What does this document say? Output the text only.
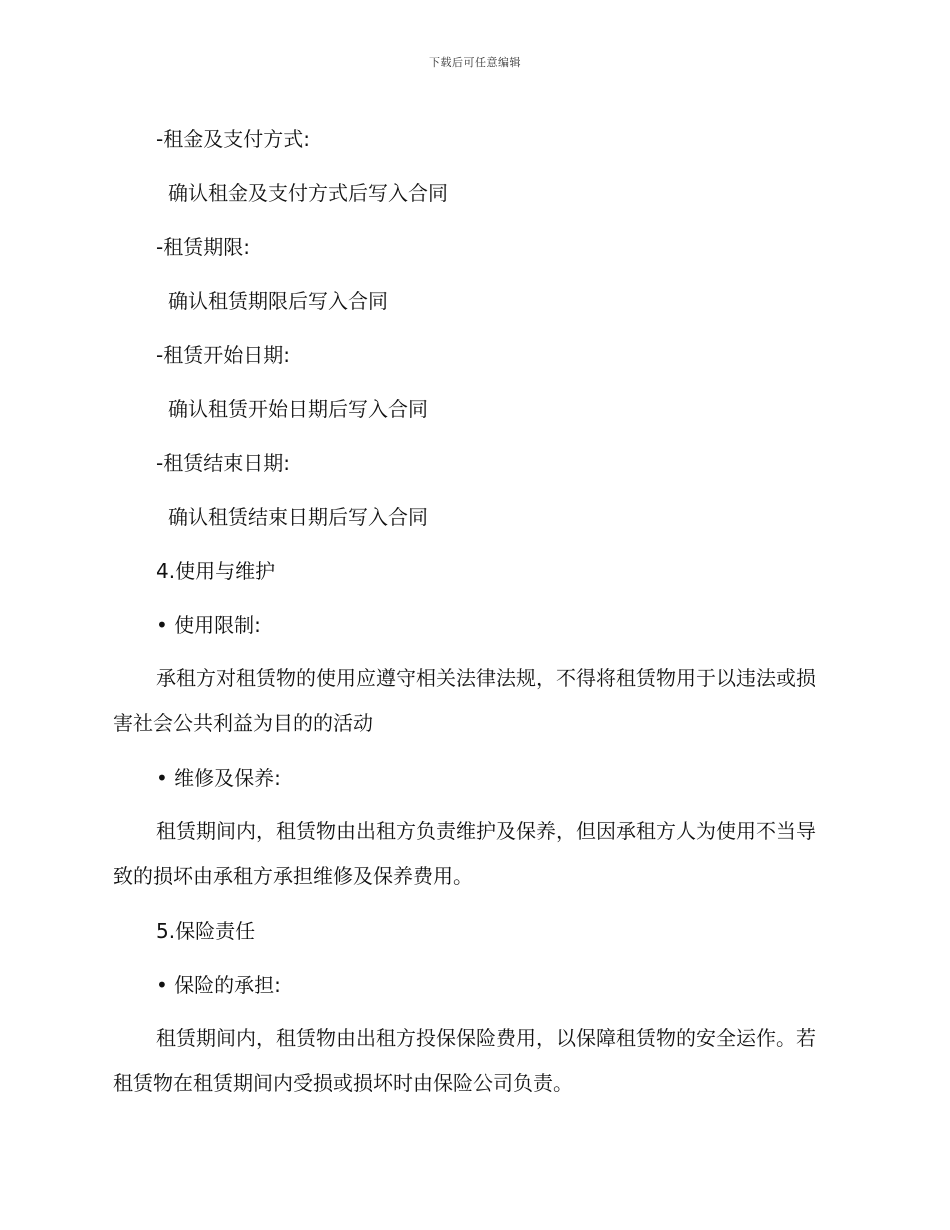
下载后可任意编辑
-租金及支付方式:
确认租金及支付方式后写入合同
-租赁期限:
确认租赁期限后写入合同
-租赁开始日期:
确认租赁开始日期后写入合同
-租赁结束日期:
确认租赁结束日期后写入合同
4.使用与维护
• 使用限制:

承租方对租赁物的使用应遵守相关法律法规，不得将租赁物用于以违法或损害社会公共利益为目的的活动

• 维修及保养:

租赁期间内，租赁物由出租方负责维护及保养，但因承租方人为使用不当导致的损坏由承租方承担维修及保养费用。

5.保险责任
• 保险的承担:

租赁期间内，租赁物由出租方投保保险费用，以保障租赁物的安全运作。若租赁物在租赁期间内受损或损坏时由保险公司负责。
